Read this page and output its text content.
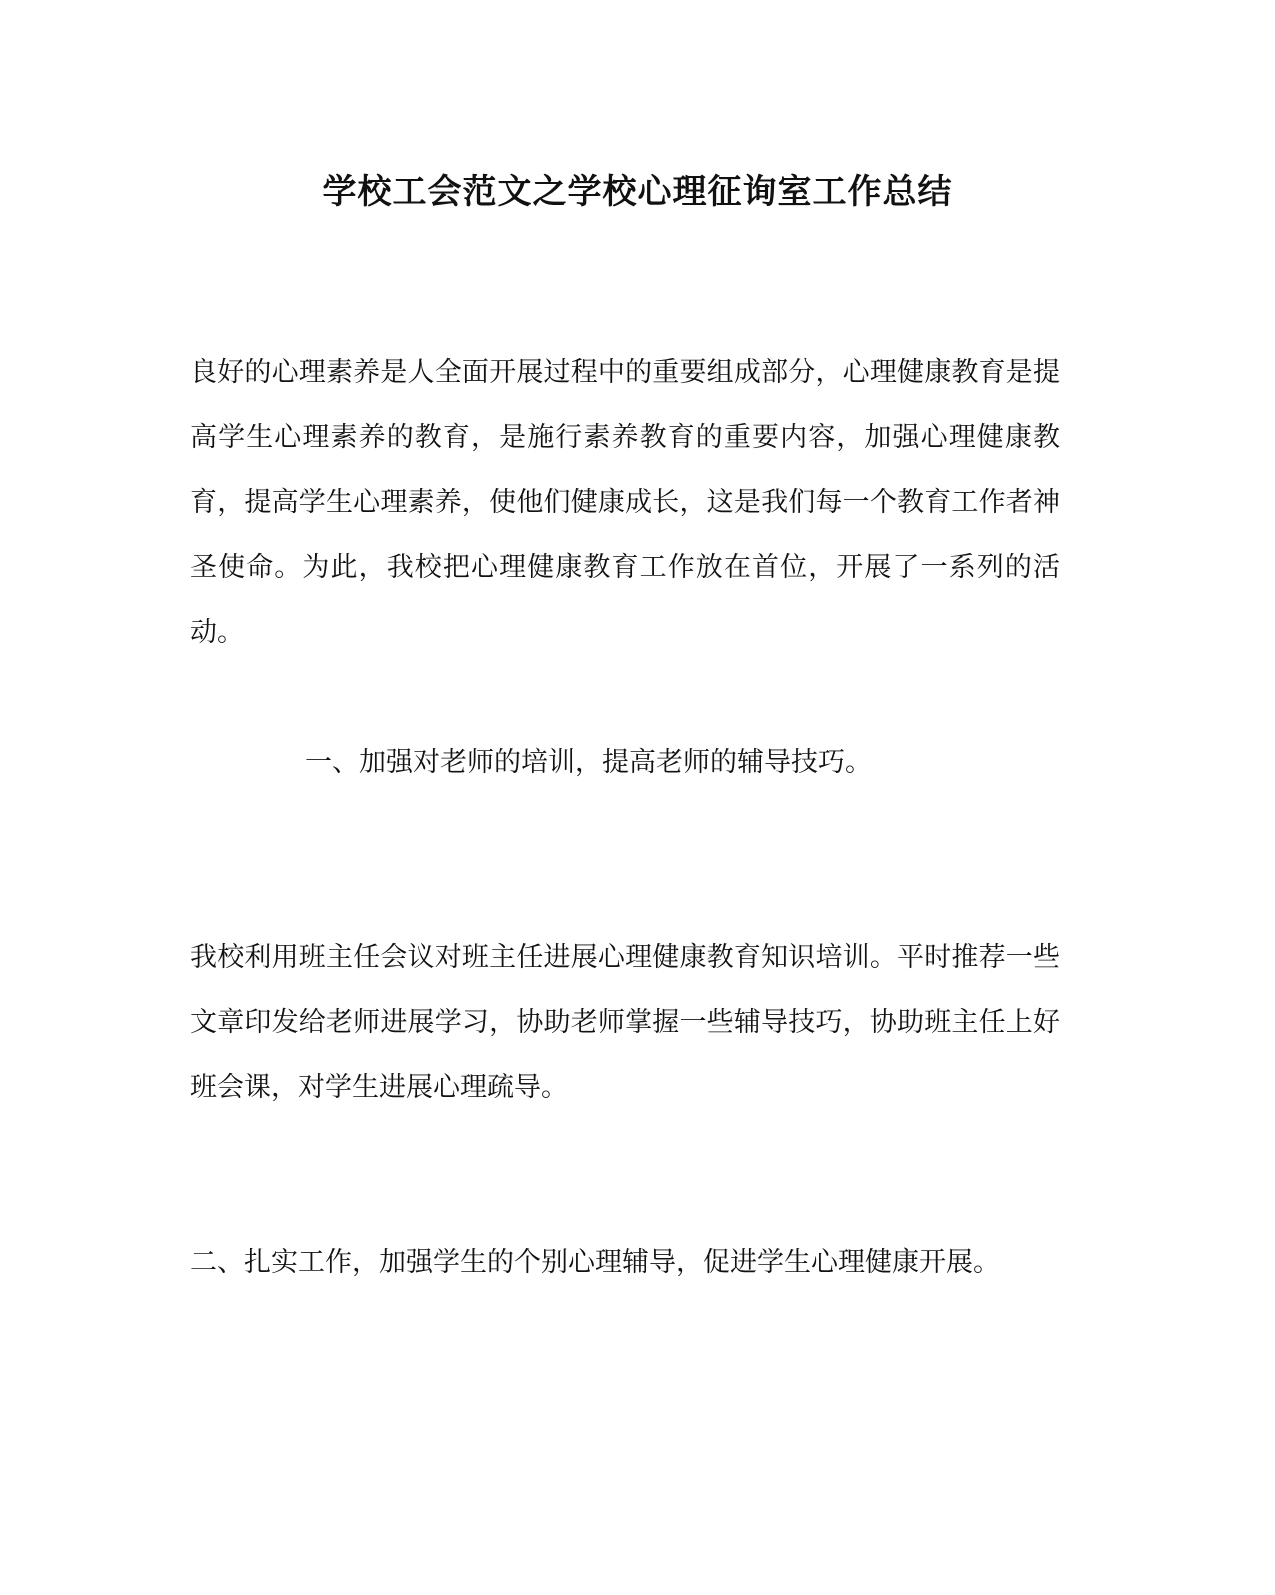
学校工会范文之学校心理征询室工作总结

良好的心理素养是人全面开展过程中的重要组成部分，心理健康教育是提高学生心理素养的教育，是施行素养教育的重要内容，加强心理健康教育，提高学生心理素养，使他们健康成长，这是我们每一个教育工作者神圣使命。为此，我校把心理健康教育工作放在首位，开展了一系列的活动。

一、加强对老师的培训，提高老师的辅导技巧。

我校利用班主任会议对班主任进展心理健康教育知识培训。平时推荐一些文章印发给老师进展学习，协助老师掌握一些辅导技巧，协助班主任上好班会课，对学生进展心理疏导。

二、扎实工作，加强学生的个别心理辅导，促进学生心理健康开展。
